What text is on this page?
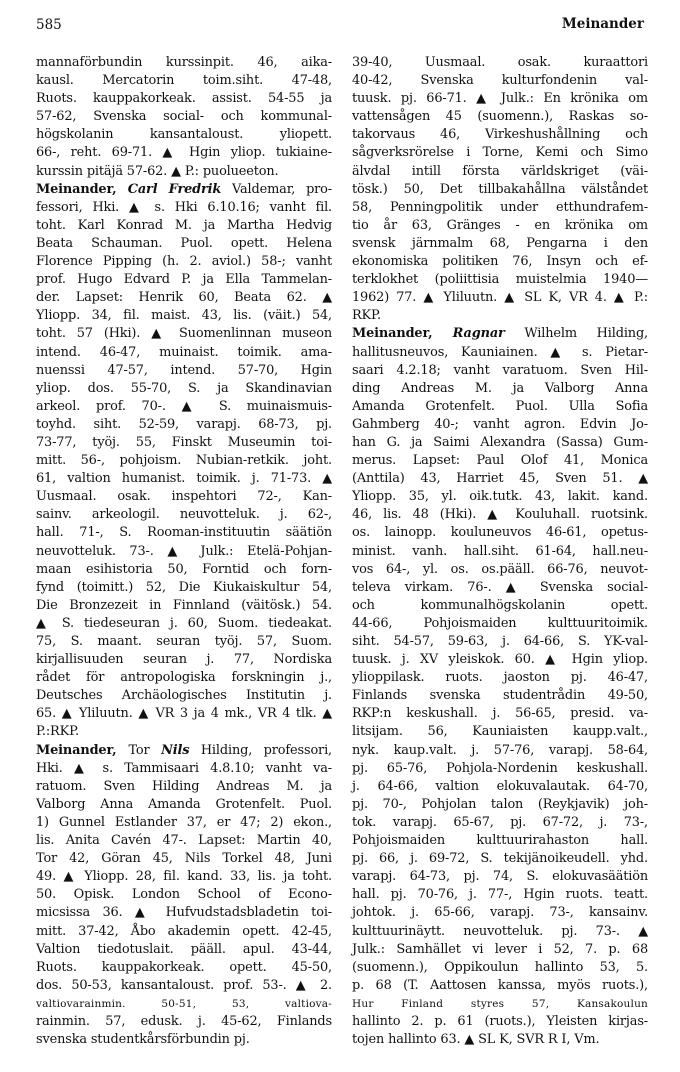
585	Meinander
mannaförbundin kurssinpit. 46, aika-
kausl. Mercatorin toim.siht. 47-48,
Ruots. kauppakorkeak. assist. 54-55 ja
57-62, Svenska social- och kommunal-
högskolanin kansantaloust. yliopett.
66-, reht. 69-71. ▲ Hgin yliop. tukiaine-
kurssin pitäjä 57-62. ▲ P.: puolueeton.
Meinander, Carl Fredrik Valdemar, pro-
fessori, Hki. ▲ s. Hki 6.10.16; vanht fil.
toht. Karl Konrad M. ja Martha Hedvig
Beata Schauman. Puol. opett. Helena
Florence Pipping (h. 2. aviol.) 58-; vanht
prof. Hugo Edvard P. ja Ella Tammelan-
der. Lapset: Henrik 60, Beata 62. ▲
Yliopp. 34, fil. maist. 43, lis. (väit.) 54,
toht. 57 (Hki). ▲ Suomenlinnan museon
intend. 46-47, muinaist. toimik. ama-
nuenssi 47-57, intend. 57-70, Hgin
yliop. dos. 55-70, S. ja Skandinavian
arkeol. prof. 70-. ▲ S. muinaismuis-
toyhd. siht. 52-59, varapj. 68-73, pj.
73-77, työj. 55, Finskt Museumin toi-
mitt. 56-, pohjoism. Nubian-retkik. joht.
61, valtion humanist. toimik. j. 71-73. ▲
Uusmaal. osak. inspehtori 72-, Kan-
sainv. arkeologil. neuvotteluk. j. 62-,
hall. 71-, S. Rooman-instituutin säätiön
neuvotteluk. 73-. ▲ Julk.: Etelä-Pohjan-
maan esihistoria 50, Forntid och forn-
fynd (toimitt.) 52, Die Kiukaiskultur 54,
Die Bronzezeit in Finnland (väitösk.) 54.
▲ S. tiedeseuran j. 60, Suom. tiedeakat.
75, S. maant. seuran työj. 57, Suom.
kirjallisuuden seuran j. 77, Nordiska
rådet för antropologiska forskningin j.,
Deutsches Archäologisches Institutin j.
65. ▲ Yliluutn. ▲ VR 3 ja 4 mk., VR 4 tlk. ▲
P.:RKP.
Meinander, Tor Nils Hilding, professori,
Hki. ▲ s. Tammisaari 4.8.10; vanht va-
ratuom. Sven Hilding Andreas M. ja
Valborg Anna Amanda Grotenfelt. Puol.
1) Gunnel Estlander 37, er 47; 2) ekon.,
lis. Anita Cavén 47-. Lapset: Martin 40,
Tor 42, Göran 45, Nils Torkel 48, Juni
49. ▲ Yliopp. 28, fil. kand. 33, lis. ja toht.
50. Opisk. London School of Econo-
micsissa 36. ▲ Hufvudstadsbladetin toi-
mitt. 37-42, Åbo akademin opett. 42-45,
Valtion tiedotuslait. pääll. apul. 43-44,
Ruots. kauppakorkeak. opett. 45-50,
dos. 50-53, kansantaloust. prof. 53-. ▲ 2.
valtiovarainmin. 50-51, 53, valtiova-
rainmin. 57, edusk. j. 45-62, Finlands
svenska studentkårsförbundin pj.
39-40, Uusmaal. osak. kuraattori
40-42, Svenska kulturfondenin val-
tuusk. pj. 66-71. ▲ Julk.: En krönika om
vattensågen 45 (suomenn.), Raskas so-
takorvaus 46, Virkeshushållning och
sågverksrörelse i Torne, Kemi och Simo
älvdal intill första världskriget (väi-
tösk.) 50, Det tillbakahållna välståndet
58, Penningpolitik under etthundrafem-
tio år 63, Gränges - en krönika om
svensk järnmalm 68, Pengarna i den
ekonomiska politiken 76, Insyn och ef-
terklokhet (poliittisia muistelmia 1940—
1962) 77. ▲ Yliluutn. ▲ SL K, VR 4. ▲ P.:
RKP.
Meinander, Ragnar Wilhelm Hilding,
hallitusneuvos, Kauniainen. ▲ s. Pietar-
saari 4.2.18; vanht varatuom. Sven Hil-
ding Andreas M. ja Valborg Anna
Amanda Grotenfelt. Puol. Ulla Sofia
Gahmberg 40-; vanht agron. Edvin Jo-
han G. ja Saimi Alexandra (Sassa) Gum-
merus. Lapset: Paul Olof 41, Monica
(Anttila) 43, Harriet 45, Sven 51. ▲
Yliopp. 35, yl. oik.tutk. 43, lakit. kand.
46, lis. 48 (Hki). ▲ Kouluhall. ruotsink.
os. lainopp. kouluneuvos 46-61, opetus-
minist. vanh. hall.siht. 61-64, hall.neu-
vos 64-, yl. os. os.pääll. 66-76, neuvot-
televa virkam. 76-. ▲ Svenska social-
och kommunalhögskolanin opett.
44-66, Pohjoismaiden kulttuuritoimik.
siht. 54-57, 59-63, j. 64-66, S. YK-val-
tuusk. j. XV yleiskok. 60. ▲ Hgin yliop.
ylioppilask. ruots. jaoston pj. 46-47,
Finlands svenska studentrådin 49-50,
RKP:n keskushall. j. 56-65, presid. va-
litsijam. 56, Kauniaisten kaupp.valt.,
nyk. kaup.valt. j. 57-76, varapj. 58-64,
pj. 65-76, Pohjola-Nordenin keskushall.
j. 64-66, valtion elokuvalautak. 64-70,
pj. 70-, Pohjolan talon (Reykjavik) joh-
tok. varapj. 65-67, pj. 67-72, j. 73-,
Pohjoismaiden kulttuurirahaston hall.
pj. 66, j. 69-72, S. tekijänoikeudell. yhd.
varapj. 64-73, pj. 74, S. elokuvasäätiön
hall. pj. 70-76, j. 77-, Hgin ruots. teatt.
johtok. j. 65-66, varapj. 73-, kansainv.
kulttuurinäytt. neuvotteluk. pj. 73-. ▲
Julk.: Samhället vi lever i 52, 7. p. 68
(suomenn.), Oppikoulun hallinto 53, 5.
p. 68 (T. Aattosen kanssa, myös ruots.),
Hur Finland styres 57, Kansakoulun
hallinto 2. p. 61 (ruots.), Yleisten kirjas-
tojen hallinto 63. ▲ SL K, SVR R I, Vm.
